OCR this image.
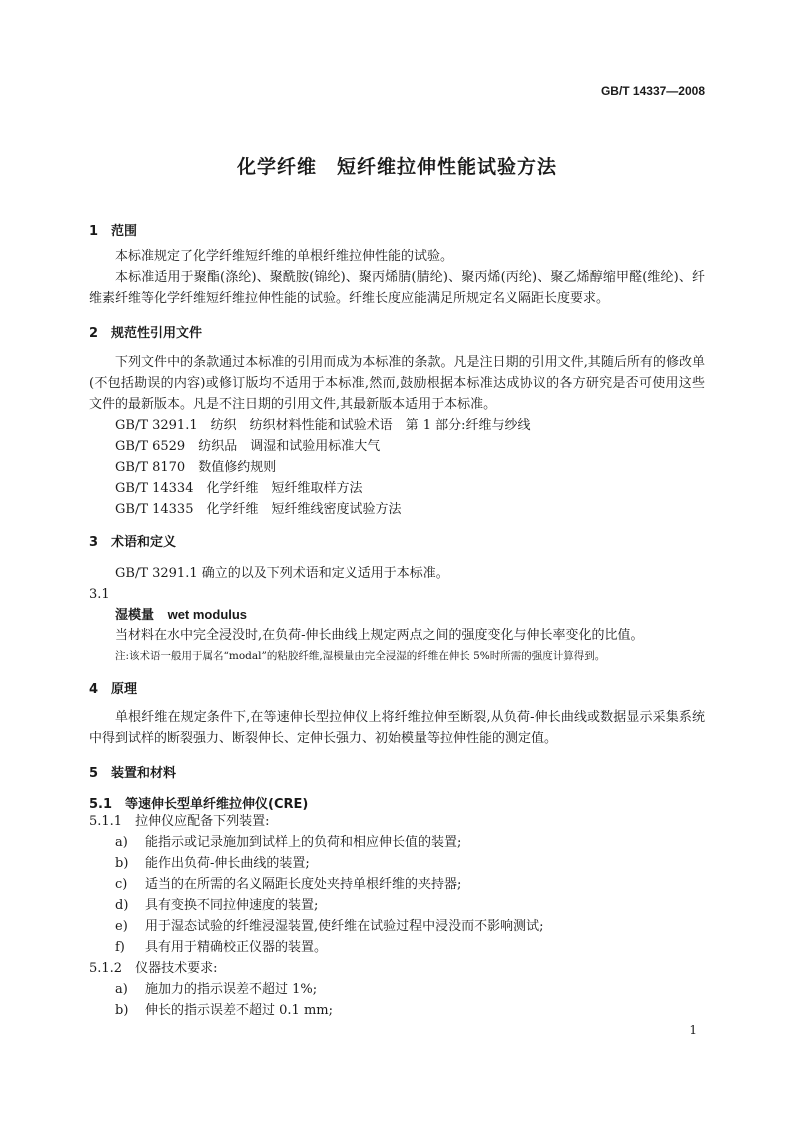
GB/T 14337—2008
化学纤维　短纤维拉伸性能试验方法
1 范围
本标准规定了化学纤维短纤维的单根纤维拉伸性能的试验。
本标准适用于聚酯(涤纶)、聚酰胺(锦纶)、聚丙烯腈(腈纶)、聚丙烯(丙纶)、聚乙烯醇缩甲醛(维纶)、纤维素纤维等化学纤维短纤维拉伸性能的试验。纤维长度应能满足所规定名义隔距长度要求。
2 规范性引用文件
下列文件中的条款通过本标准的引用而成为本标准的条款。凡是注日期的引用文件,其随后所有的修改单(不包括勘误的内容)或修订版均不适用于本标准,然而,鼓励根据本标准达成协议的各方研究是否可使用这些文件的最新版本。凡是不注日期的引用文件,其最新版本适用于本标准。
GB/T 3291.1　纺织　纺织材料性能和试验术语　第 1 部分:纤维与纱线
GB/T 6529　纺织品　调湿和试验用标准大气
GB/T 8170　数值修约规则
GB/T 14334　化学纤维　短纤维取样方法
GB/T 14335　化学纤维　短纤维线密度试验方法
3 术语和定义
GB/T 3291.1 确立的以及下列术语和定义适用于本标准。
3.1
湿模量 wet modulus
当材料在水中完全浸没时,在负荷-伸长曲线上规定两点之间的强度变化与伸长率变化的比值。
注:该术语一般用于属名“modal”的粘胶纤维,湿模量由完全浸湿的纤维在伸长 5%时所需的强度计算得到。
4 原理
单根纤维在规定条件下,在等速伸长型拉伸仪上将纤维拉伸至断裂,从负荷-伸长曲线或数据显示采集系统中得到试样的断裂强力、断裂伸长、定伸长强力、初始模量等拉伸性能的测定值。
5 装置和材料
5.1　等速伸长型单纤维拉伸仪(CRE)
5.1.1　拉伸仪应配备下列装置:
a) 能指示或记录施加到试样上的负荷和相应伸长值的装置;
b) 能作出负荷-伸长曲线的装置;
c) 适当的在所需的名义隔距长度处夹持单根纤维的夹持器;
d) 具有变换不同拉伸速度的装置;
e) 用于湿态试验的纤维浸湿装置,使纤维在试验过程中浸没而不影响测试;
f) 具有用于精确校正仪器的装置。
5.1.2　仪器技术要求:
a) 施加力的指示误差不超过 1%;
b) 伸长的指示误差不超过 0.1 mm;
1
